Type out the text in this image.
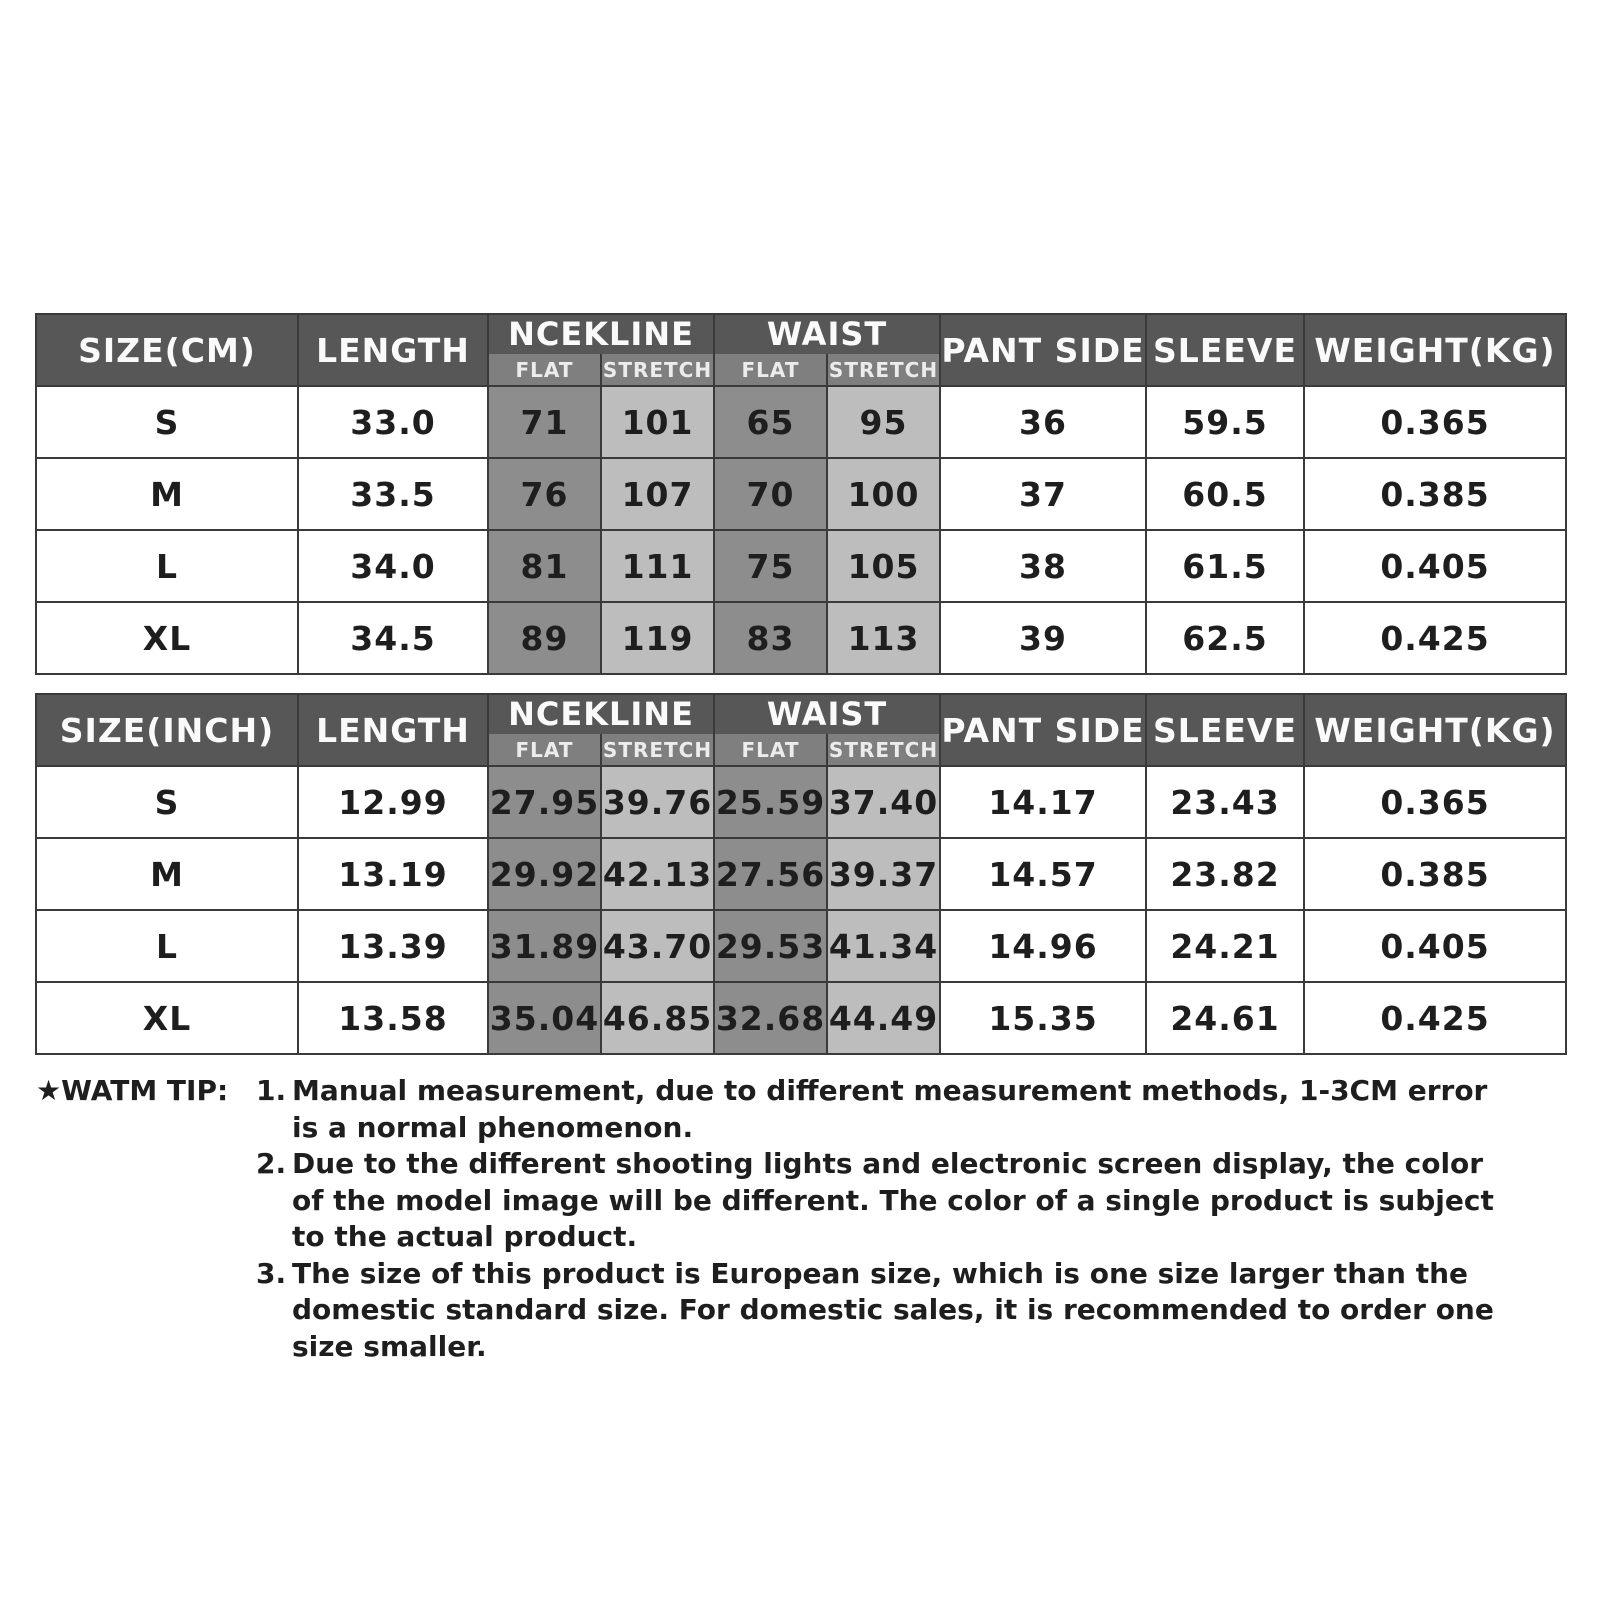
SIZE(CM)	LENGTH	NCEKLINE		WAIST		PANT SIDE	SLEEVE	WEIGHT(KG)
		FLAT	STRETCH	FLAT	STRETCH			
S	33.0	71	101	65	95	36	59.5	0.365
M	33.5	76	107	70	100	37	60.5	0.385
L	34.0	81	111	75	105	38	61.5	0.405
XL	34.5	89	119	83	113	39	62.5	0.425
SIZE(INCH)	LENGTH	NCEKLINE		WAIST		PANT SIDE	SLEEVE	WEIGHT(KG)
		FLAT	STRETCH	FLAT	STRETCH			
S	12.99	27.95	39.76	25.59	37.40	14.17	23.43	0.365
M	13.19	29.92	42.13	27.56	39.37	14.57	23.82	0.385
L	13.39	31.89	43.70	29.53	41.34	14.96	24.21	0.405
XL	13.58	35.04	46.85	32.68	44.49	15.35	24.61	0.425
★WATM TIP: 1. Manual measurement, due to different measurement methods, 1-3CM error is a normal phenomenon.
2. Due to the different shooting lights and electronic screen display, the color of the model image will be different. The color of a single product is subject to the actual product.
3. The size of this product is European size, which is one size larger than the domestic standard size. For domestic sales, it is recommended to order one size smaller.
